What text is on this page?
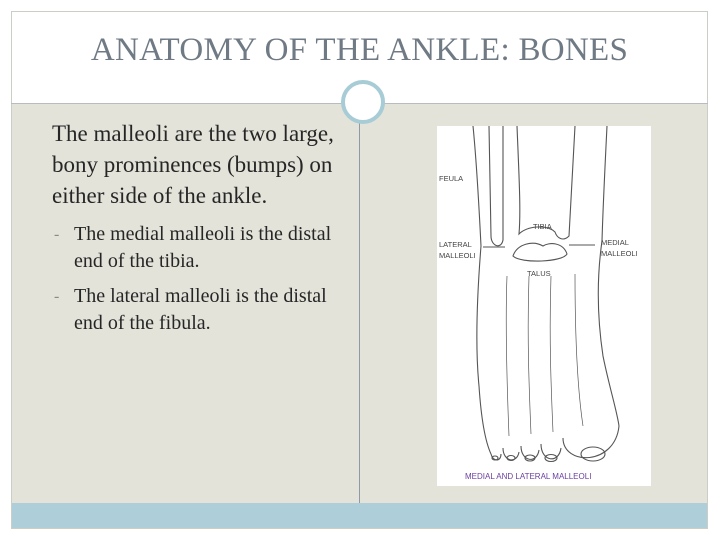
ANATOMY OF THE ANKLE: BONES
  The malleoli are the two large, bony prominences (bumps) on either side of the ankle.
- The medial malleoli is the distal end of the tibia.
- The lateral malleoli is the distal end of the fibula.
FEULA
TIBIA
LATERAL
MALLEOLI
MEDIAL
MALLEOLI
TALUS
MEDIAL AND LATERAL MALLEOLI
